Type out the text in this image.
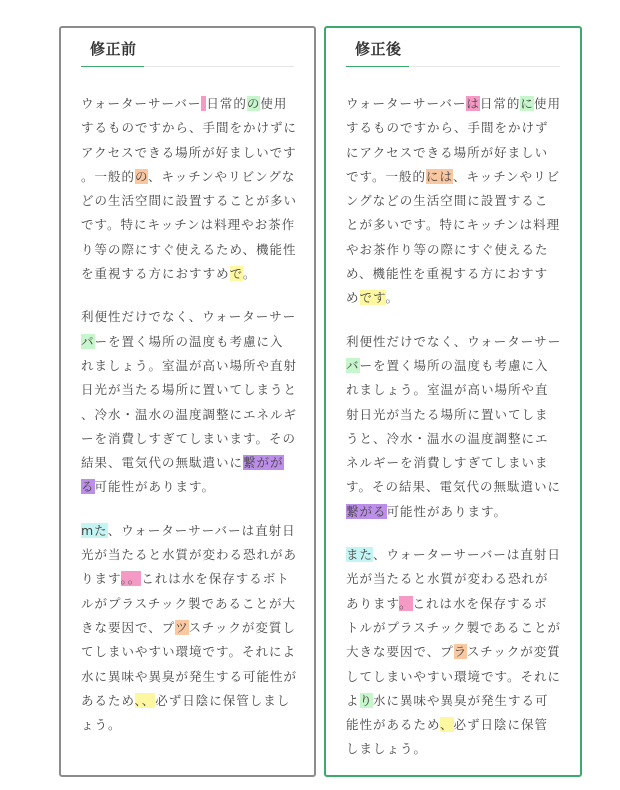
修正前

ウォーターサーバー 日常的の使用するものですから、手間をかけずにアクセスできる場所が好ましいです。一般的の、キッチンやリビングなどの生活空間に設置することが多いです。特にキッチンは料理やお茶作り等の際にすぐ使えるため、機能性を重視する方におすすめで。

利便性だけでなく、ウォーターサーパーを置く場所の温度も考慮に入れましょう。室温が高い場所や直射日光が当たる場所に置いてしまうと、冷水・温水の温度調整にエネルギーを消費しすぎてしまいます。その結果、電気代の無駄遣いに繋ががる可能性があります。

mた、ウォーターサーバーは直射日光が当たると水質が変わる恐れがあります。。これは水を保存するボトルがプラスチック製であることが大きな要因で、プツスチックが変質してしまいやすい環境です。それによ 水に異味や異臭が発生する可能性があるため、、必ず日陰に保管しましょう。

修正後

ウォーターサーバーは日常的に使用するものですから、手間をかけずにアクセスできる場所が好ましいです。一般的には、キッチンやリビングなどの生活空間に設置することが多いです。特にキッチンは料理やお茶作り等の際にすぐ使えるため、機能性を重視する方におすすめです。

利便性だけでなく、ウォーターサーバーを置く場所の温度も考慮に入れましょう。室温が高い場所や直射日光が当たる場所に置いてしまうと、冷水・温水の温度調整にエネルギーを消費しすぎてしまいます。その結果、電気代の無駄遣いに繋がる可能性があります。

また、ウォーターサーバーは直射日光が当たると水質が変わる恐れがあります。これは水を保存するボトルがプラスチック製であることが大きな要因で、プラスチックが変質してしまいやすい環境です。それにより水に異味や異臭が発生する可能性があるため、必ず日陰に保管しましょう。
